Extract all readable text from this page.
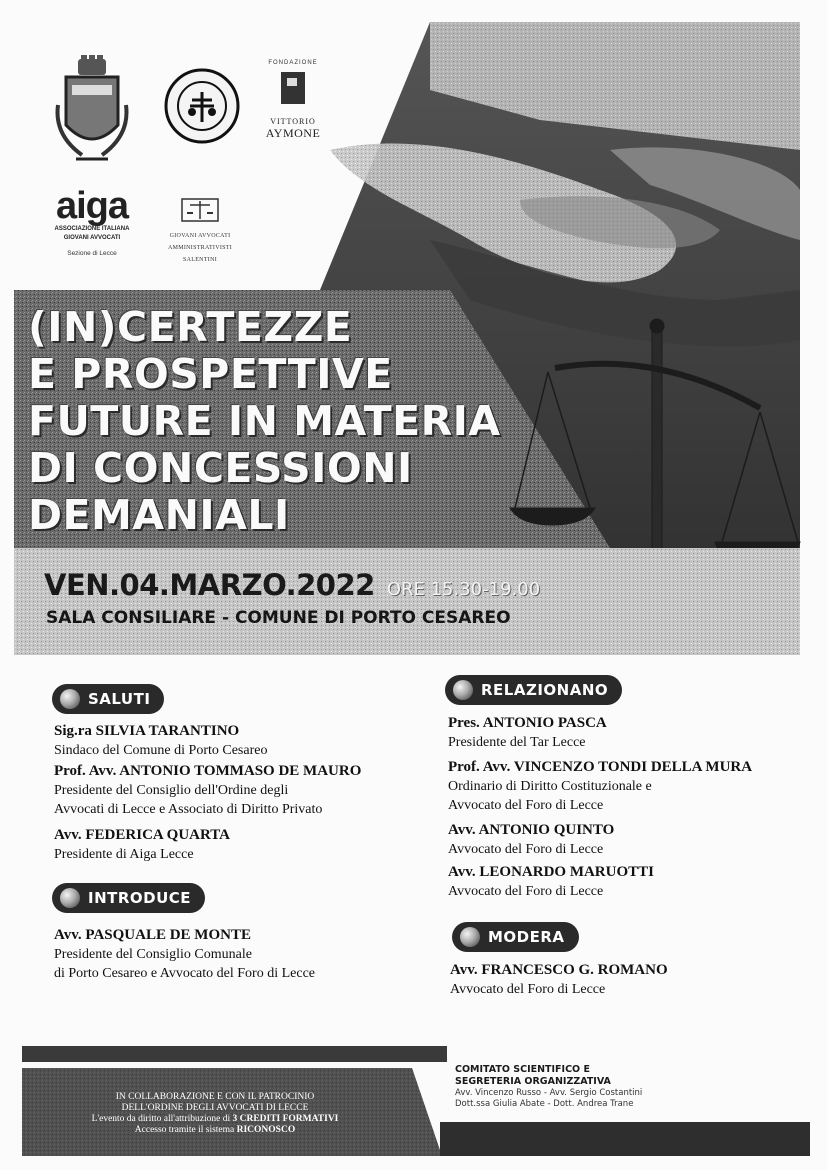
FONDAZIONE
VITTORIO
AYMONE
aiga
ASSOCIAZIONE ITALIANA
GIOVANI AVVOCATI
Sezione di Lecce
GIOVANI AVVOCATI
AMMINISTRATIVISTI
SALENTINI
(IN)CERTEZZE
E PROSPETTIVE
FUTURE IN MATERIA
DI CONCESSIONI
DEMANIALI
VEN.04.MARZO.2022 ORE 15.30-19.00
SALA CONSILIARE - COMUNE DI PORTO CESAREO
SALUTI
Sig.ra SILVIA TARANTINO
Sindaco del Comune di Porto Cesareo
Prof. Avv. ANTONIO TOMMASO DE MAURO
Presidente del Consiglio dell'Ordine degli
Avvocati di Lecce e Associato di Diritto Privato
Avv. FEDERICA QUARTA
Presidente di Aiga Lecce
INTRODUCE
Avv. PASQUALE DE MONTE
Presidente del Consiglio Comunale
di Porto Cesareo e Avvocato del Foro di Lecce
RELAZIONANO
Pres. ANTONIO PASCA
Presidente del Tar Lecce
Prof. Avv. VINCENZO TONDI DELLA MURA
Ordinario di Diritto Costituzionale e
Avvocato del Foro di Lecce
Avv. ANTONIO QUINTO
Avvocato del Foro di Lecce
Avv. LEONARDO MARUOTTI
Avvocato del Foro di Lecce
MODERA
Avv. FRANCESCO G. ROMANO
Avvocato del Foro di Lecce
IN COLLABORAZIONE E CON IL PATROCINIO
DELL'ORDINE DEGLI AVVOCATI DI LECCE
L'evento da diritto all'attribuzione di 3 CREDITI FORMATIVI
Accesso tramite il sistema RICONOSCO
COMITATO SCIENTIFICO E
SEGRETERIA ORGANIZZATIVA
Avv. Vincenzo Russo - Avv. Sergio Costantini
Dott.ssa Giulia Abate - Dott. Andrea Trane
